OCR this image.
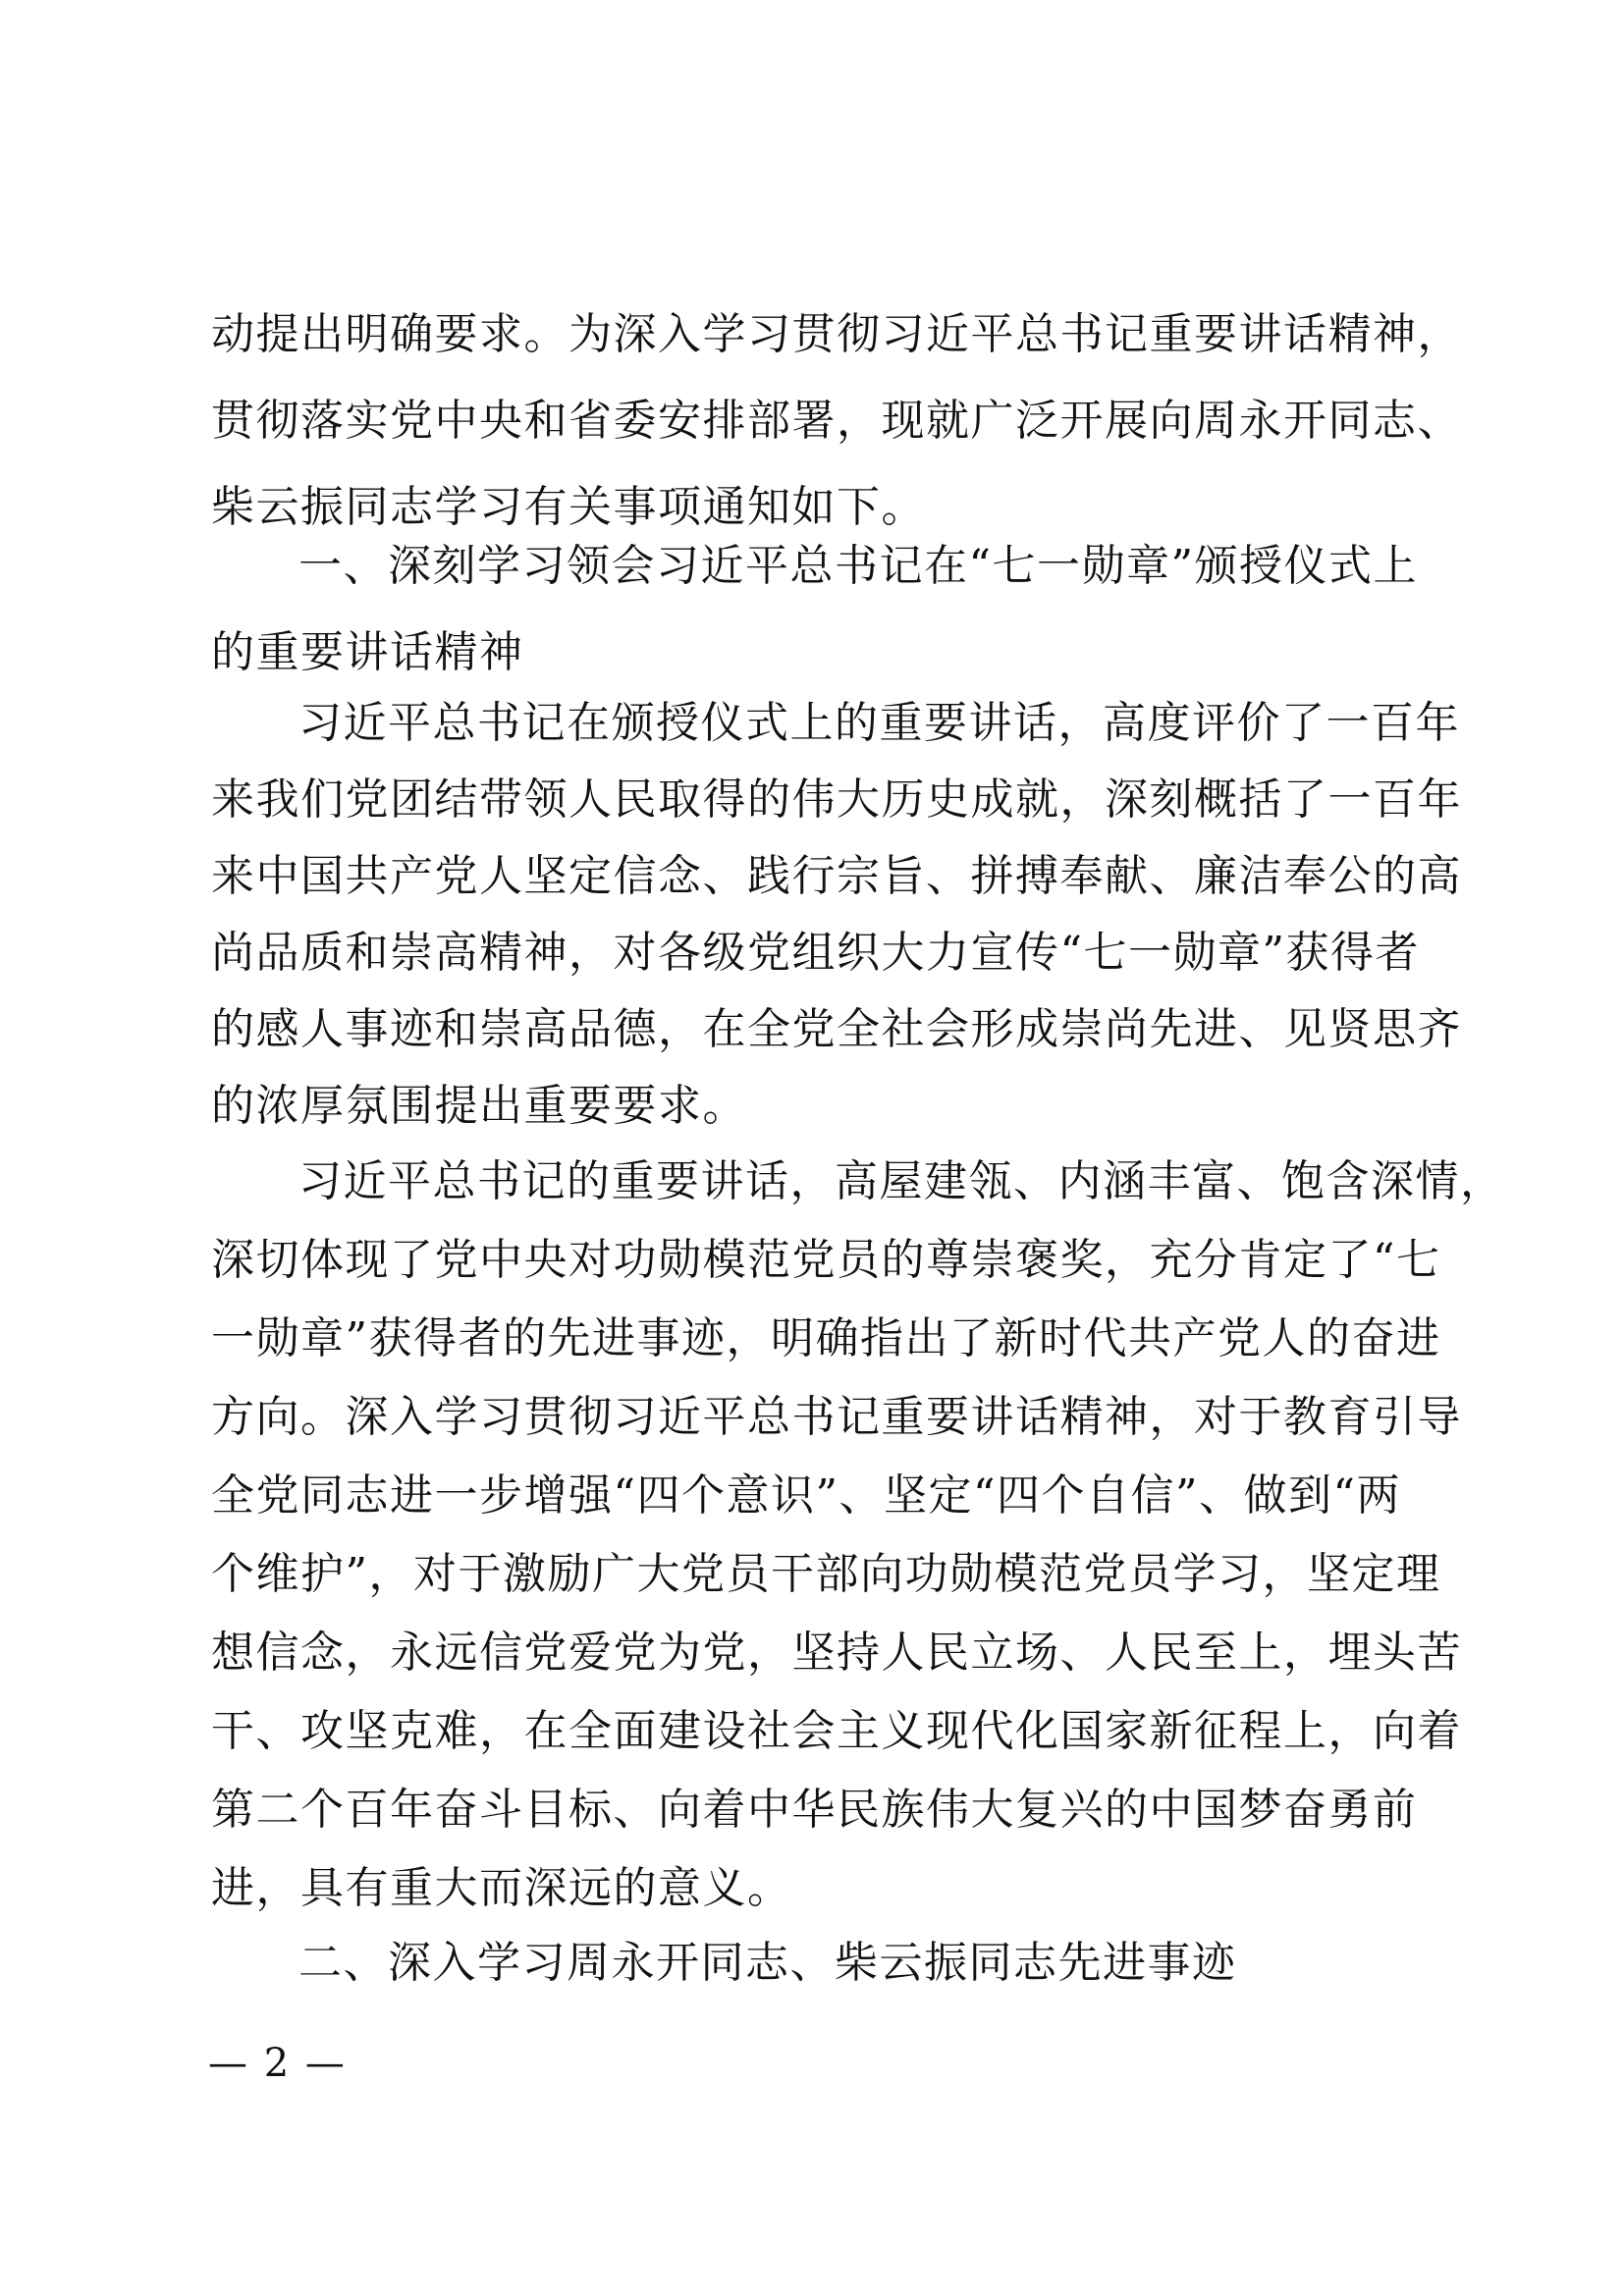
动提出明确要求。为深入学习贯彻习近平总书记重要讲话精神，
贯彻落实党中央和省委安排部署，现就广泛开展向周永开同志、
柴云振同志学习有关事项通知如下。
一、深刻学习领会习近平总书记在“七一勋章”颁授仪式上
的重要讲话精神
习近平总书记在颁授仪式上的重要讲话，高度评价了一百年
来我们党团结带领人民取得的伟大历史成就，深刻概括了一百年
来中国共产党人坚定信念、践行宗旨、拼搏奉献、廉洁奉公的高
尚品质和崇高精神，对各级党组织大力宣传“七一勋章”获得者
的感人事迹和崇高品德，在全党全社会形成崇尚先进、见贤思齐
的浓厚氛围提出重要要求。
习近平总书记的重要讲话，高屋建瓴、内涵丰富、饱含深情，
深切体现了党中央对功勋模范党员的尊崇褒奖，充分肯定了“七
一勋章”获得者的先进事迹，明确指出了新时代共产党人的奋进
方向。深入学习贯彻习近平总书记重要讲话精神，对于教育引导
全党同志进一步增强“四个意识”、坚定“四个自信”、做到“两
个维护”，对于激励广大党员干部向功勋模范党员学习，坚定理
想信念，永远信党爱党为党，坚持人民立场、人民至上，埋头苦
干、攻坚克难，在全面建设社会主义现代化国家新征程上，向着
第二个百年奋斗目标、向着中华民族伟大复兴的中国梦奋勇前
进，具有重大而深远的意义。
二、深入学习周永开同志、柴云振同志先进事迹
— 2 —
